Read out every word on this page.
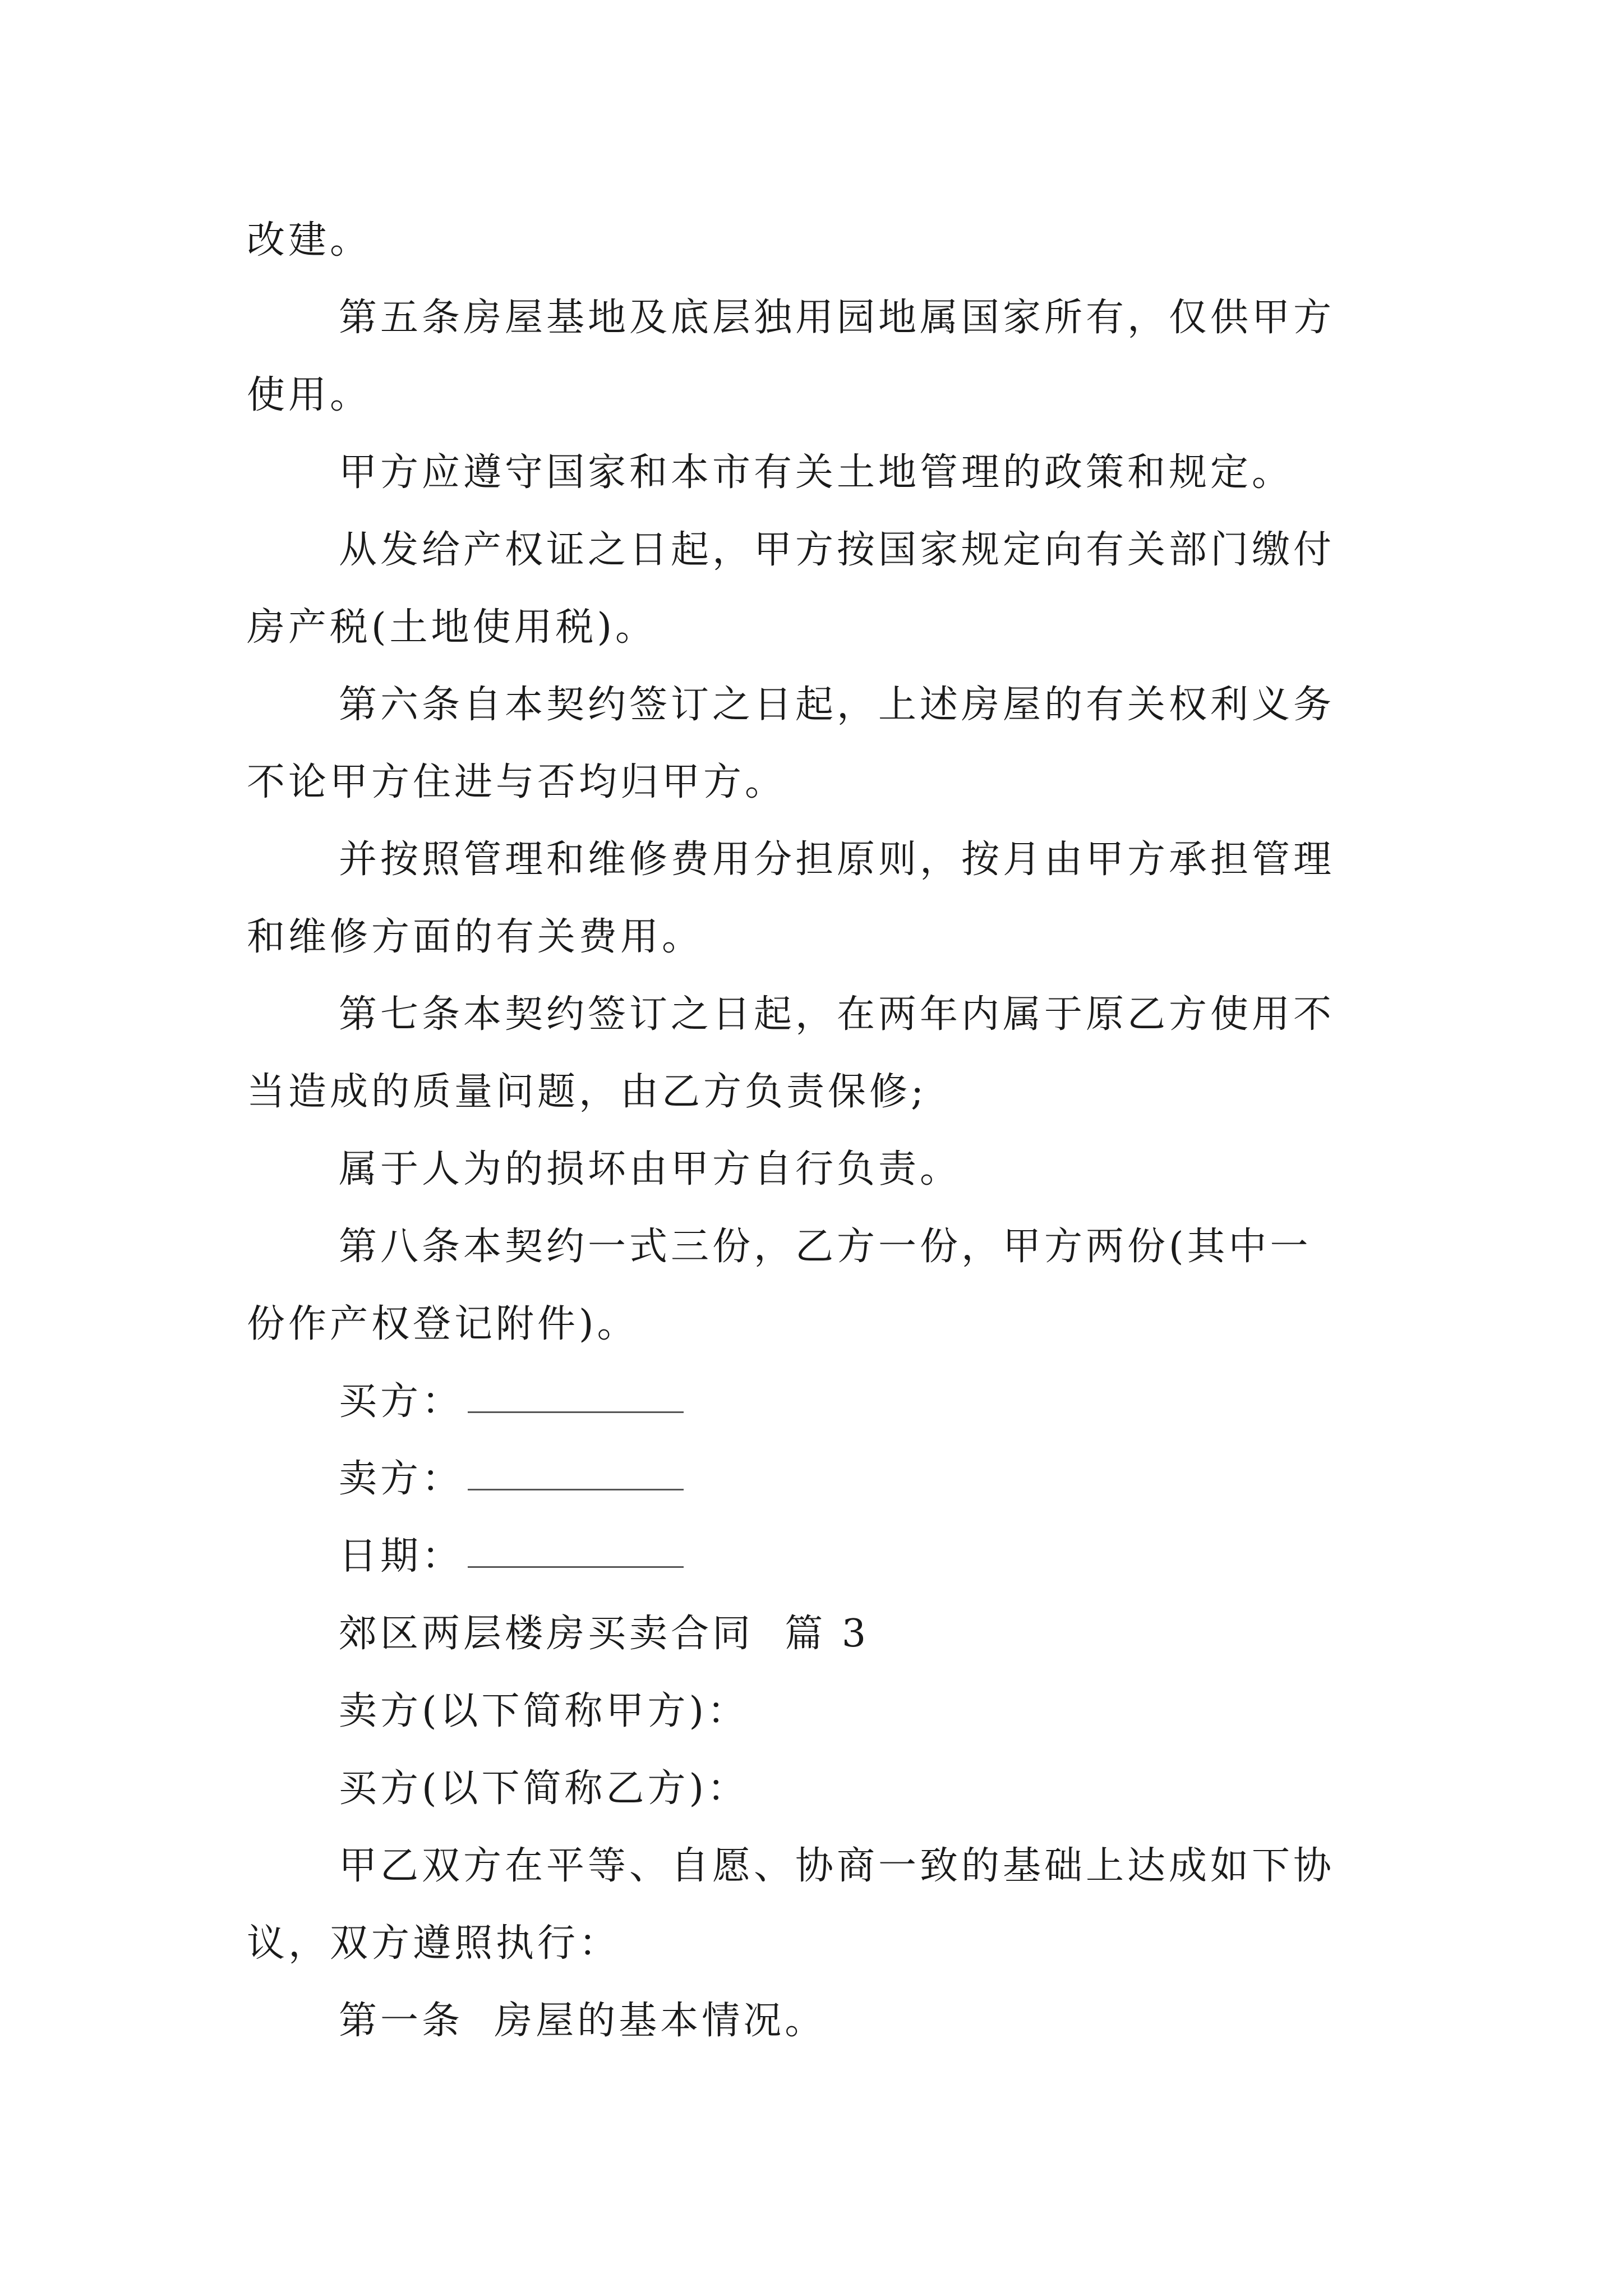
改建。
第五条房屋基地及底层独用园地属国家所有，仅供甲方
使用。
甲方应遵守国家和本市有关土地管理的政策和规定。
从发给产权证之日起，甲方按国家规定向有关部门缴付
房产税(土地使用税)。
第六条自本契约签订之日起，上述房屋的有关权利义务
不论甲方住进与否均归甲方。
并按照管理和维修费用分担原则，按月由甲方承担管理
和维修方面的有关费用。
第七条本契约签订之日起，在两年内属于原乙方使用不
当造成的质量问题，由乙方负责保修;
属于人为的损坏由甲方自行负责。
第八条本契约一式三份，乙方一份，甲方两份(其中一
份作产权登记附件)。
买方：
卖方：
日期：
郊区两层楼房买卖合同  篇 3
卖方(以下简称甲方)：
买方(以下简称乙方)：
甲乙双方在平等、自愿、协商一致的基础上达成如下协
议，双方遵照执行：
第一条  房屋的基本情况。
